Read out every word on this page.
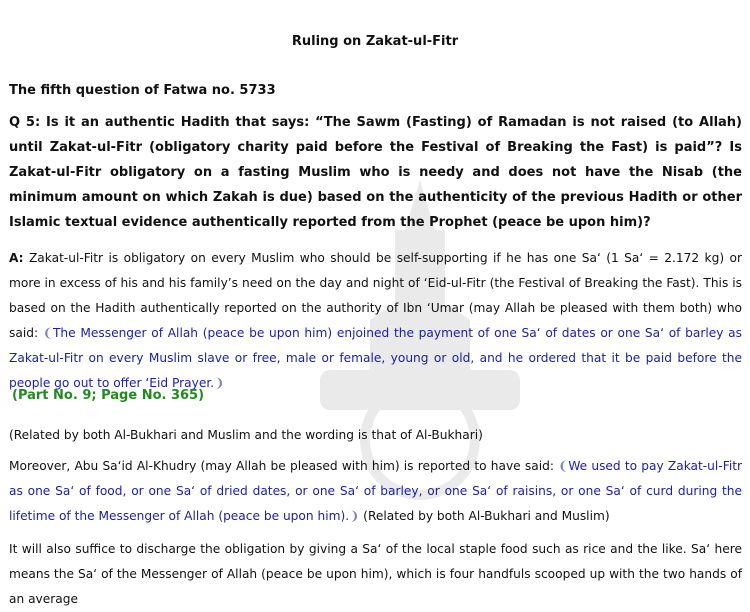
Ruling on Zakat-ul-Fitr
The fifth question of Fatwa no. 5733
Q 5: Is it an authentic Hadith that says: “The Sawm (Fasting) of Ramadan is not raised (to Allah) until Zakat-ul-Fitr (obligatory charity paid before the Festival of Breaking the Fast) is paid”? Is Zakat-ul-Fitr obligatory on a fasting Muslim who is needy and does not have the Nisab (the minimum amount on which Zakah is due) based on the authenticity of the previous Hadith or other Islamic textual evidence authentically reported from the Prophet (peace be upon him)?
A: Zakat-ul-Fitr is obligatory on every Muslim who should be self-supporting if he has one Sa‘ (1 Sa‘ = 2.172 kg) or more in excess of his and his family’s need on the day and night of ‘Eid-ul-Fitr (the Festival of Breaking the Fast). This is based on the Hadith authentically reported on the authority of Ibn ‘Umar (may Allah be pleased with them both) who said: ❨The Messenger of Allah (peace be upon him) enjoined the payment of one Sa‘ of dates or one Sa‘ of barley as Zakat-ul-Fitr on every Muslim slave or free, male or female, young or old, and he ordered that it be paid before the people go out to offer ‘Eid Prayer.❩
(Part No. 9; Page No. 365)
(Related by both Al-Bukhari and Muslim and the wording is that of Al-Bukhari)
Moreover, Abu Sa‘id Al-Khudry (may Allah be pleased with him) is reported to have said: ❨We used to pay Zakat-ul-Fitr as one Sa‘ of food, or one Sa‘ of dried dates, or one Sa‘ of barley, or one Sa‘ of raisins, or one Sa‘ of curd during the lifetime of the Messenger of Allah (peace be upon him).❩ (Related by both Al-Bukhari and Muslim)
It will also suffice to discharge the obligation by giving a Sa‘ of the local staple food such as rice and the like. Sa‘ here means the Sa‘ of the Messenger of Allah (peace be upon him), which is four handfuls scooped up with the two hands of an average
